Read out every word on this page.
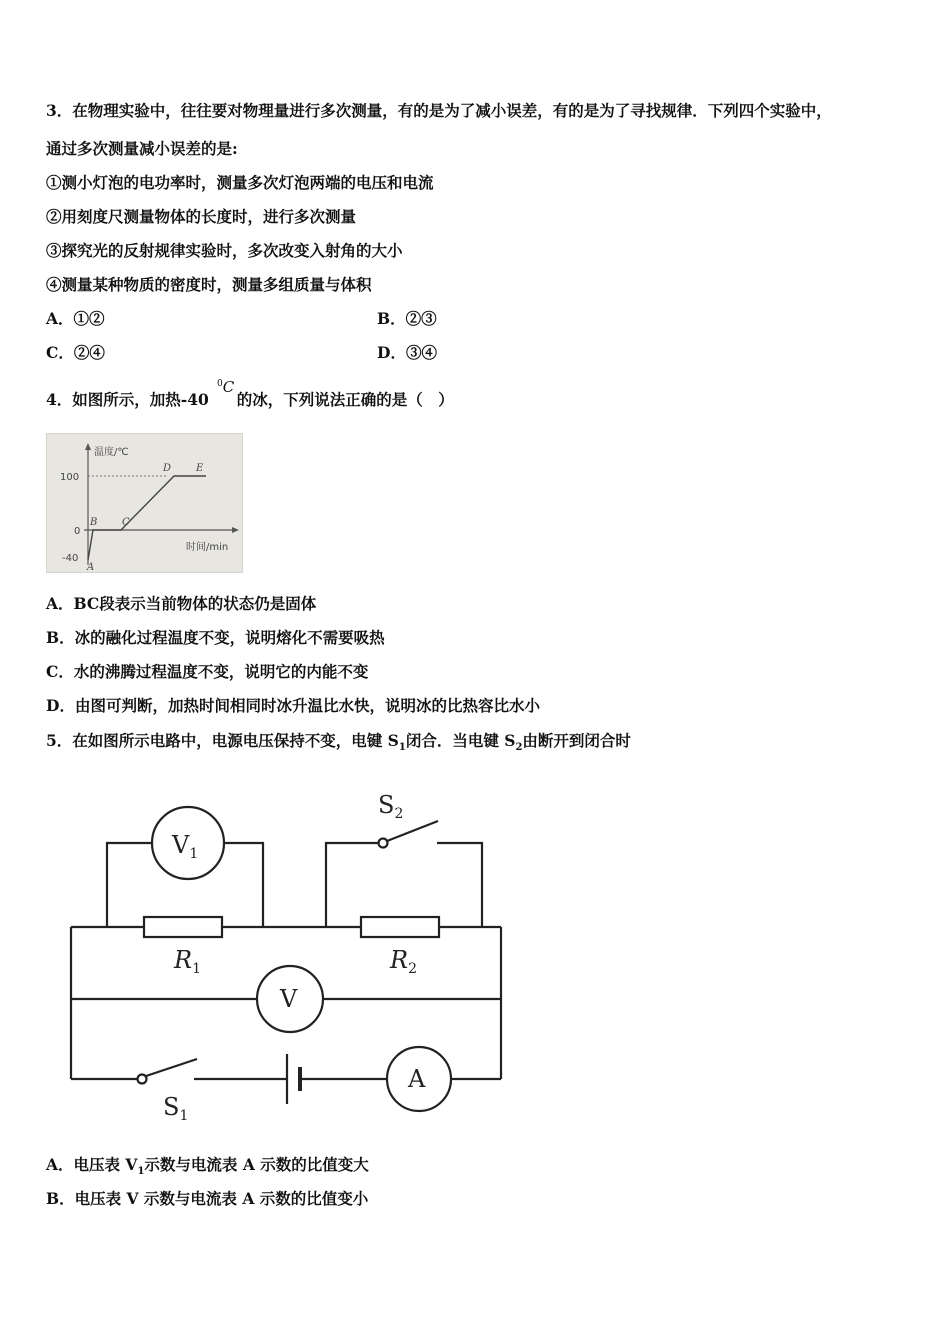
3．在物理实验中，往往要对物理量进行多次测量，有的是为了减小误差，有的是为了寻找规律．下列四个实验中，
通过多次测量减小误差的是:
①测小灯泡的电功率时，测量多次灯泡两端的电压和电流
②用刻度尺测量物体的长度时，进行多次测量
③探究光的反射规律实验时，多次改变入射角的大小
④测量某种物质的密度时，测量多组质量与体积
A．①②	B．②③
C．②④	D．③④
4．如图所示，加热-40 的冰，下列说法正确的是（　）
$^0$C
温度/℃
100
0
-40
A
B C
D E
时间/min
A．BC段表示当前物体的状态仍是固体
B．冰的融化过程温度不变，说明熔化不需要吸热
C．水的沸腾过程温度不变，说明它的内能不变
D．由图可判断，加热时间相同时冰升温比水快，说明冰的比热容比水小
5．在如图所示电路中，电源电压保持不变，电键 $S_1$闭合．当电键 $S_2$由断开到闭合时
$V_1$
V
A
$R_1$	$R_2$
$S_2$
$S_1$
A．电压表 $V_1$示数与电流表 A 示数的比值变大
B．电压表 V 示数与电流表 A 示数的比值变小
